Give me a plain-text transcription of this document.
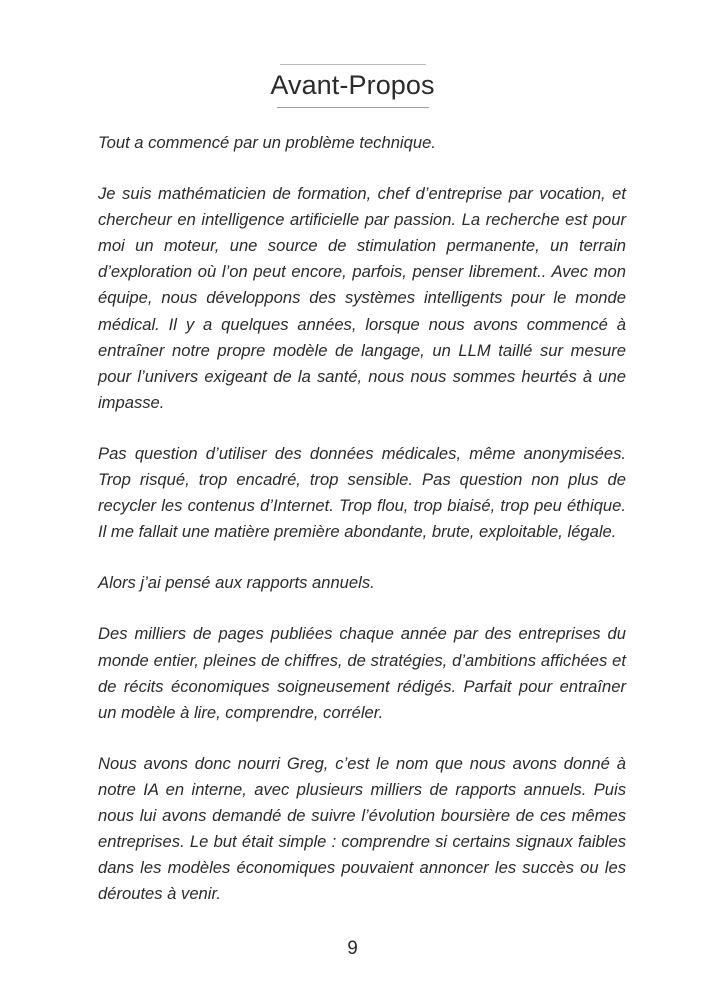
Avant-Propos

Tout a commencé par un problème technique.

Je suis mathématicien de formation, chef d’entreprise par vocation, et chercheur en intelligence artificielle par passion. La recherche est pour moi un moteur, une source de stimulation permanente, un terrain d’exploration où l’on peut encore, parfois, penser librement.. Avec mon équipe, nous développons des systèmes intelligents pour le monde médical. Il y a quelques années, lorsque nous avons commencé à entraîner notre propre modèle de langage, un LLM taillé sur mesure pour l’univers exigeant de la santé, nous nous sommes heurtés à une impasse.

Pas question d’utiliser des données médicales, même anonymisées. Trop risqué, trop encadré, trop sensible. Pas question non plus de recycler les contenus d’Internet. Trop flou, trop biaisé, trop peu éthique. Il me fallait une matière première abondante, brute, exploitable, légale.

Alors j’ai pensé aux rapports annuels.

Des milliers de pages publiées chaque année par des entreprises du monde entier, pleines de chiffres, de stratégies, d’ambitions affichées et de récits économiques soigneusement rédigés. Parfait pour entraîner un modèle à lire, comprendre, corréler.

Nous avons donc nourri Greg, c’est le nom que nous avons donné à notre IA en interne, avec plusieurs milliers de rapports annuels. Puis nous lui avons demandé de suivre l’évolution boursière de ces mêmes entreprises. Le but était simple : comprendre si certains signaux faibles dans les modèles économiques pouvaient annoncer les succès ou les déroutes à venir.

9
